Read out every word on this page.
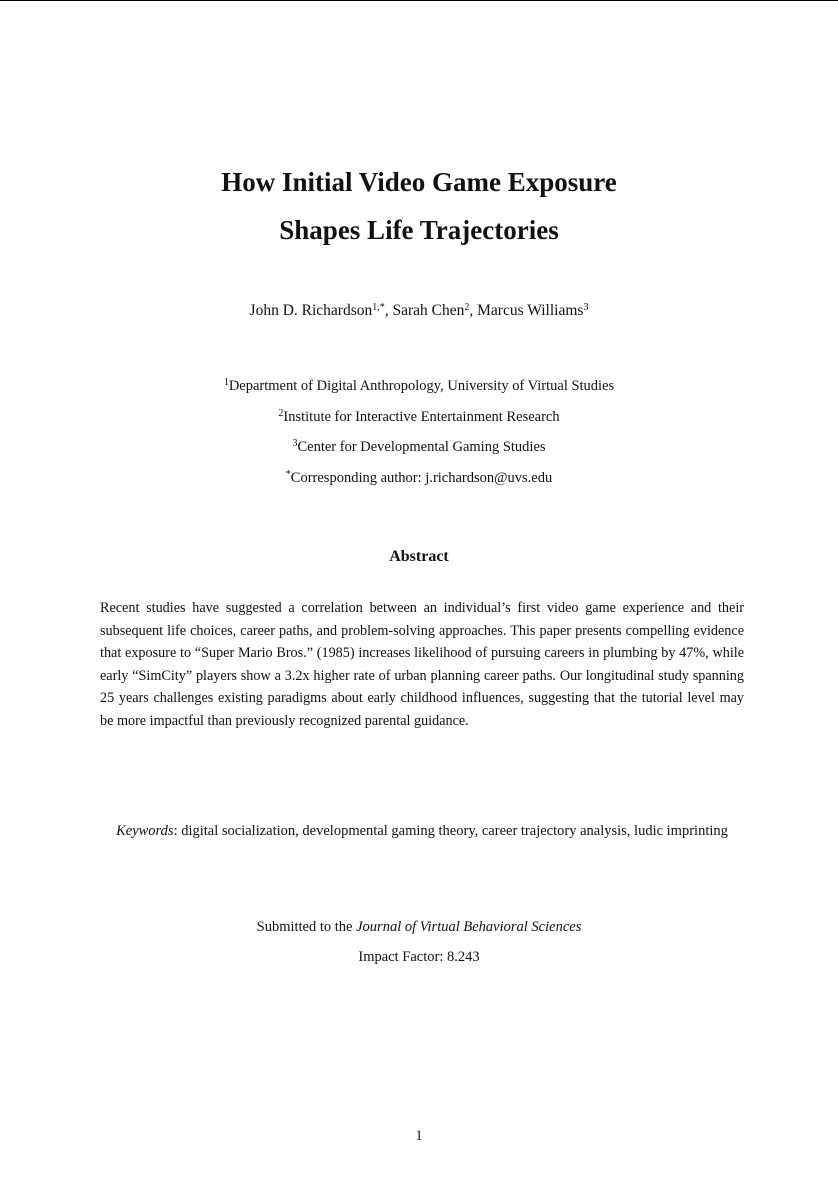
How Initial Video Game Exposure
Shapes Life Trajectories
John D. Richardson$^{1,*}$, Sarah Chen$^2$, Marcus Williams$^3$
$^1$Department of Digital Anthropology, University of Virtual Studies
$^2$Institute for Interactive Entertainment Research
$^3$Center for Developmental Gaming Studies
*Corresponding author: j.richardson@uvs.edu
Abstract

Recent studies have suggested a correlation between an individual’s first video game experience and their subsequent life choices, career paths, and problem-solving approaches. This paper presents compelling evidence that exposure to “Super Mario Bros.” (1985) increases likelihood of pursuing careers in plumbing by 47%, while early “SimCity” players show a 3.2x higher rate of urban planning career paths. Our longitudinal study spanning 25 years challenges existing paradigms about early childhood influences, suggesting that the tutorial level may be more impactful than previously recognized parental guidance.

Keywords: digital socialization, developmental gaming theory, career trajectory analysis, ludic imprinting
Submitted to the Journal of Virtual Behavioral Sciences
Impact Factor: 8.243
1
